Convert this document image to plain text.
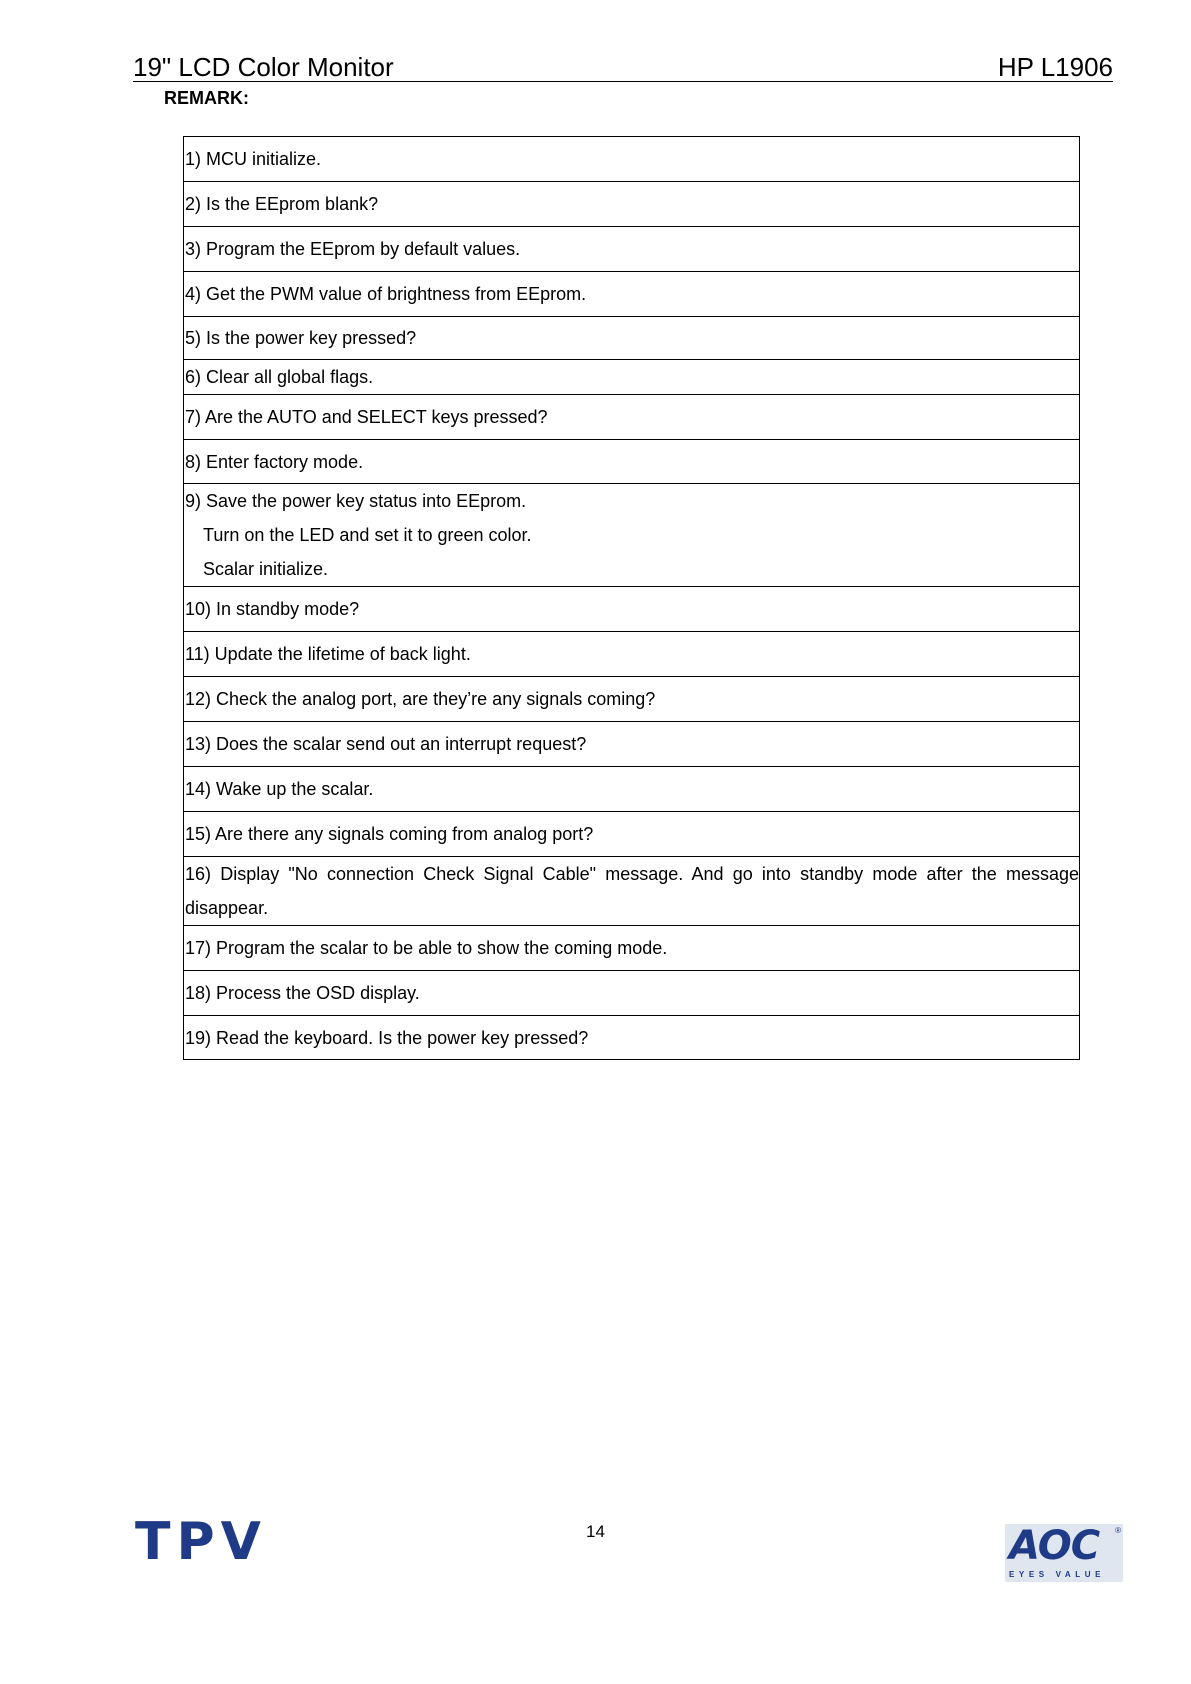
19" LCD Color Monitor	HP L1906
REMARK:
1) MCU initialize.

2) Is the EEprom blank?

3) Program the EEprom by default values.

4) Get the PWM value of brightness from EEprom.

5) Is the power key pressed?

6) Clear all global flags.

7) Are the AUTO and SELECT keys pressed?

8) Enter factory mode.

9) Save the power key status into EEprom.
Turn on the LED and set it to green color.
Scalar initialize.

10) In standby mode?

11) Update the lifetime of back light.

12) Check the analog port, are they’re any signals coming?

13) Does the scalar send out an interrupt request?

14) Wake up the scalar.

15) Are there any signals coming from analog port?

16) Display "No connection Check Signal Cable" message. And go into standby mode after the message disappear.

17) Program the scalar to be able to show the coming mode.

18) Process the OSD display.

19) Read the keyboard. Is the power key pressed?
14
TPV	AOC ®
EYES VALUE
